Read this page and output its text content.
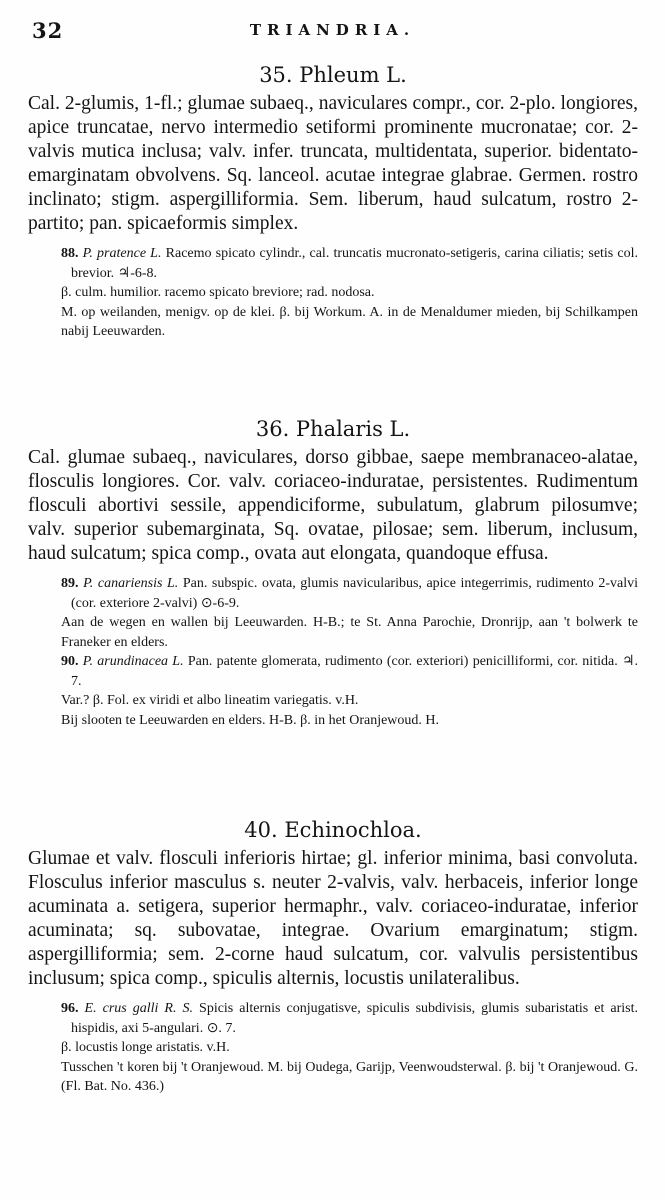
32	TRIANDRIA.
35. Phleum L.

Cal. 2-glumis, 1-fl.; glumae subaeq., naviculares compr., cor. 2-plo. longiores, apice truncatae, nervo intermedio setiformi prominente mucronatae; cor. 2-valvis mutica inclusa; valv. infer. truncata, multidentata, superior. bidentato-emarginatam obvolvens. Sq. lanceol. acutae integrae glabrae. Germen. rostro inclinato; stigm. aspergilliformia. Sem. liberum, haud sulcatum, rostro 2-partito; pan. spicaeformis simplex.

88. P. pratence L. Racemo spicato cylindr., cal. truncatis mucronato-setigeris, carina ciliatis; setis col. brevior. ♃-6-8.

β. culm. humilior. racemo spicato breviore; rad. nodosa.

M. op weilanden, menigv. op de klei. β. bij Workum. A. in de Menaldumer mieden, bij Schilkampen nabij Leeuwarden.

36. Phalaris L.

Cal. glumae subaeq., naviculares, dorso gibbae, saepe membranaceo-alatae, flosculis longiores. Cor. valv. coriaceo-induratae, persistentes. Rudimentum flosculi abortivi sessile, appendiciforme, subulatum, glabrum pilosumve; valv. superior subemarginata, Sq. ovatae, pilosae; sem. liberum, inclusum, haud sulcatum; spica comp., ovata aut elongata, quandoque effusa.

89. P. canariensis L. Pan. subspic. ovata, glumis navicularibus, apice integerrimis, rudimento 2-valvi (cor. exteriore 2-valvi) ⊙-6-9.

Aan de wegen en wallen bij Leeuwarden. H-B.; te St. Anna Parochie, Dronrijp, aan 't bolwerk te Franeker en elders.

90. P. arundinacea L. Pan. patente glomerata, rudimento (cor. exteriori) penicilliformi, cor. nitida. ♃. 7.

Var.? β. Fol. ex viridi et albo lineatim variegatis. v.H.

Bij slooten te Leeuwarden en elders. H-B. β. in het Oranjewoud. H.

40. Echinochloa.

Glumae et valv. flosculi inferioris hirtae; gl. inferior minima, basi convoluta. Flosculus inferior masculus s. neuter 2-valvis, valv. herbaceis, inferior longe acuminata a. setigera, superior hermaphr., valv. coriaceo-induratae, inferior acuminata; sq. subovatae, integrae. Ovarium emarginatum; stigm. aspergilliformia; sem. 2-corne haud sulcatum, cor. valvulis persistentibus inclusum; spica comp., spiculis alternis, locustis unilateralibus.

96. E. crus galli R. S. Spicis alternis conjugatisve, spiculis subdivisis, glumis subaristatis et arist. hispidis, axi 5-angulari. ⊙. 7.

β. locustis longe aristatis. v.H.

Tusschen 't koren bij 't Oranjewoud. M. bij Oudega, Garijp, Veenwoudsterwal. β. bij 't Oranjewoud. G. (Fl. Bat. No. 436.)
